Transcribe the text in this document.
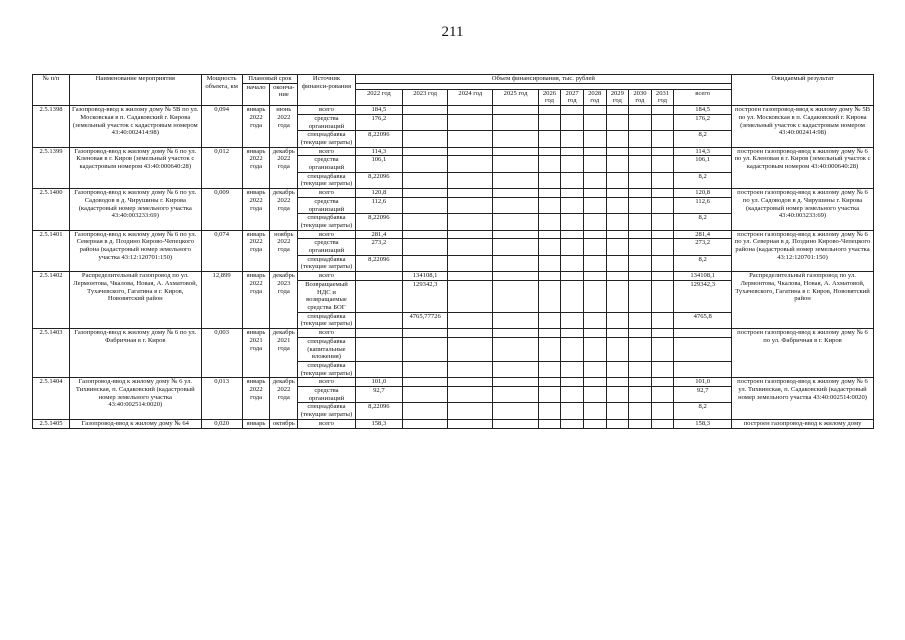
211
№ п/п	Наименование мероприятия	Мощность объекта, км	Плановый срок		Источник финанси-рования	Объем финансирования, тыс. рублей											Ожидаемый результат
			начало	оконча-ние													
						2022 год	2023 год	2024 год	2025 год	2026 год	2027 год	2028 год	2029 год	2030 год	2031 год	всего	
2.5.1398	Газопровод-ввод к жилому дому № 5В по ул. Московская в п. Садаковский г. Кирова (земельный участок с кадастровым номером 43:40:002414:98)	0,094	январь 2022 года	июнь 2022 года	всего	184,5										184,5	построен газопровод-ввод к жилому дому № 5В по ул. Московская в п. Садаковский г. Кирова (земельный участок с кадастровым номером 43:40:002414:98)
					средства организаций	176,2										176,2	
					спецнадбавка (текущие затраты)	8,22096										8,2	
2.5.1399	Газопровод-ввод к жилому дому № 6 по ул. Кленовая в г. Киров (земельный участок с кадастровым номером 43:40:000640:28)	0,012	январь 2022 года	декабрь 2022 года	всего	114,3										114,3	построен газопровод-ввод к жилому дому № 6 по ул. Кленовая в г. Киров (земельный участок с кадастровым номером 43:40:000640:28)
					средства организаций	106,1										106,1	
					спецнадбавка (текущие затраты)	8,22096										8,2	
2.5.1400	Газопровод-ввод к жилому дому № 6 по ул. Садоводов в д. Чирушины г. Кирова (кадастровый номер земельного участка 43:40:003233:69)	0,009	январь 2022 года	декабрь 2022 года	всего	120,8										120,8	построен газопровод-ввод к жилому дому № 6 по ул. Садоводов в д. Чирушины г. Кирова (кадастровый номер земельного участка 43:40:003233:69)
					средства организаций	112,6										112,6	
					спецнадбавка (текущие затраты)	8,22096										8,2	
2.5.1401	Газопровод-ввод к жилому дому № 6 по ул. Северная в д. Поздино Кирово-Чепецкого района (кадастровый номер земельного участка 43:12:120701:150)	0,074	январь 2022 года	ноябрь 2022 года	всего	281,4										281,4	построен газопровод-ввод к жилому дому № 6 по ул. Северная в д. Поздино Кирово-Чепецкого района (кадастровый номер земельного участка 43:12:120701:150)
					средства организаций	273,2										273,2	
					спецнадбавка (текущие затраты)	8,22096										8,2	
2.5.1402	Распределительный газопровод по ул. Лермонтова, Чкалова, Новая, А. Ахматовой, Тухачевского, Гагатина в г. Киров, Нововятский район	12,899	январь 2022 года	декабрь 2023 года	всего		134108,1									134108,1	Распределительный газопровод по ул. Лермонтова, Чкалова, Новая, А. Ахматовой, Тухачевского, Гагатина в г. Киров, Нововятский район
					Возвращаемый НДС и возвращаемые средства БОГ		129342,3									129342,3	
					спецнадбавка (текущие затраты)		4765,77726									4765,8	
2.5.1403	Газопровод-ввод к жилому дому № 6 по ул. Фабричная в г. Киров	0,003	январь 2021 года	декабрь 2021 года	всего												построен газопровод-ввод к жилому дому № 6 по ул. Фабричная в г. Киров
					спецнадбавка (капитальные вложения)												
					спецнадбавка (текущие затраты)												
2.5.1404	Газопровод-ввод к жилому дому № 6 ул. Тихвинская, п. Садаковский (кадастровый номер земельного участка 43:40:002514:0020)	0,013	январь 2022 года	декабрь 2022 года	всего	101,0										101,0	построен газопровод-ввод к жилому дому № 6 ул. Тихвинская, п. Садаковский (кадастровый номер земельного участка 43:40:002514:0020)
					средства организаций	92,7										92,7	
					спецнадбавка (текущие затраты)	8,22096										8,2	
2.5.1405	Газопровод-ввод к жилому дому № 64	0,020	январь	октябрь	всего	158,3										158,3	построен газопровод-ввод к жилому дому
